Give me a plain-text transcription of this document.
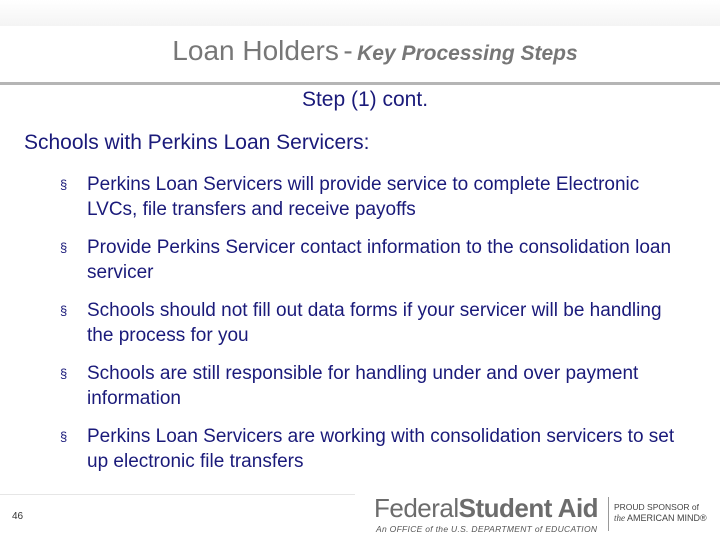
Loan Holders - Key Processing Steps
Step (1) cont.
Schools with Perkins Loan Servicers:
§ Perkins Loan Servicers will provide service to complete Electronic LVCs, file transfers and receive payoffs
§ Provide Perkins Servicer contact information to the consolidation loan servicer
§ Schools should not fill out data forms if your servicer will be handling the process for you
§ Schools are still responsible for handling under and over payment information
§ Perkins Loan Servicers are working with consolidation servicers to set up electronic file transfers
46	FederalStudent Aid
An OFFICE of the U.S. DEPARTMENT of EDUCATION
PROUD SPONSOR of
the AMERICAN MIND®
